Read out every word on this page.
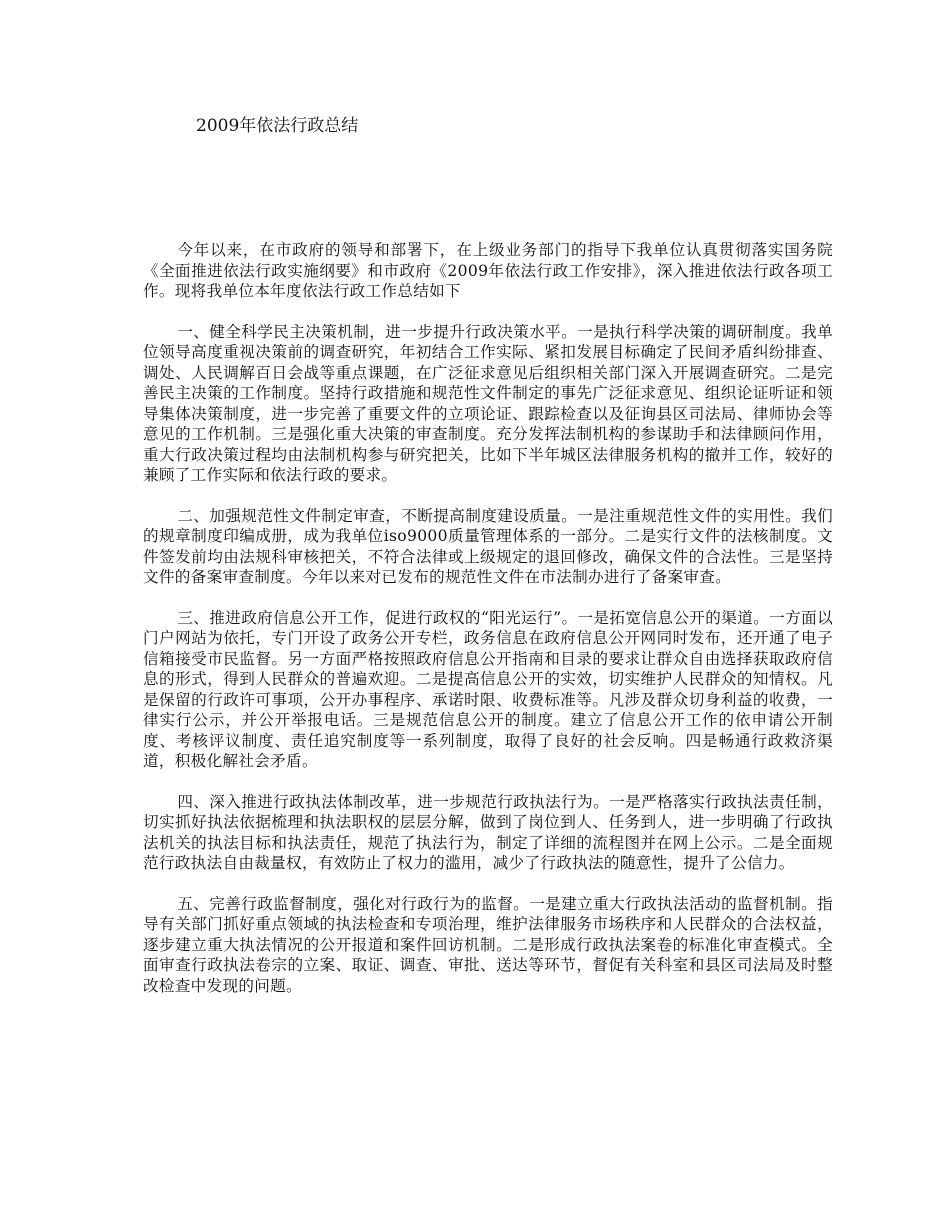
2009年依法行政总结

今年以来，在市政府的领导和部署下，在上级业务部门的指导下我单位认真贯彻落实国务院《全面推进依法行政实施纲要》和市政府《2009年依法行政工作安排》，深入推进依法行政各项工作。现将我单位本年度依法行政工作总结如下

一、健全科学民主决策机制，进一步提升行政决策水平。一是执行科学决策的调研制度。我单位领导高度重视决策前的调查研究，年初结合工作实际、紧扣发展目标确定了民间矛盾纠纷排查、调处、人民调解百日会战等重点课题，在广泛征求意见后组织相关部门深入开展调查研究。二是完善民主决策的工作制度。坚持行政措施和规范性文件制定的事先广泛征求意见、组织论证听证和领导集体决策制度，进一步完善了重要文件的立项论证、跟踪检查以及征询县区司法局、律师协会等意见的工作机制。三是强化重大决策的审查制度。充分发挥法制机构的参谋助手和法律顾问作用，重大行政决策过程均由法制机构参与研究把关，比如下半年城区法律服务机构的撤并工作，较好的兼顾了工作实际和依法行政的要求。

二、加强规范性文件制定审查，不断提高制度建设质量。一是注重规范性文件的实用性。我们的规章制度印编成册，成为我单位iso9000质量管理体系的一部分。二是实行文件的法核制度。文件签发前均由法规科审核把关，不符合法律或上级规定的退回修改，确保文件的合法性。三是坚持文件的备案审查制度。今年以来对已发布的规范性文件在市法制办进行了备案审查。

三、推进政府信息公开工作，促进行政权的“阳光运行”。一是拓宽信息公开的渠道。一方面以门户网站为依托，专门开设了政务公开专栏，政务信息在政府信息公开网同时发布，还开通了电子信箱接受市民监督。另一方面严格按照政府信息公开指南和目录的要求让群众自由选择获取政府信息的形式，得到人民群众的普遍欢迎。二是提高信息公开的实效，切实维护人民群众的知情权。凡是保留的行政许可事项，公开办事程序、承诺时限、收费标准等。凡涉及群众切身利益的收费，一律实行公示，并公开举报电话。三是规范信息公开的制度。建立了信息公开工作的依申请公开制度、考核评议制度、责任追究制度等一系列制度，取得了良好的社会反响。四是畅通行政救济渠道，积极化解社会矛盾。

四、深入推进行政执法体制改革，进一步规范行政执法行为。一是严格落实行政执法责任制，切实抓好执法依据梳理和执法职权的层层分解，做到了岗位到人、任务到人，进一步明确了行政执法机关的执法目标和执法责任，规范了执法行为，制定了详细的流程图并在网上公示。二是全面规范行政执法自由裁量权，有效防止了权力的滥用，减少了行政执法的随意性，提升了公信力。

五、完善行政监督制度，强化对行政行为的监督。一是建立重大行政执法活动的监督机制。指导有关部门抓好重点领域的执法检查和专项治理，维护法律服务市场秩序和人民群众的合法权益，逐步建立重大执法情况的公开报道和案件回访机制。二是形成行政执法案卷的标准化审查模式。全面审查行政执法卷宗的立案、取证、调查、审批、送达等环节，督促有关科室和县区司法局及时整改检查中发现的问题。
